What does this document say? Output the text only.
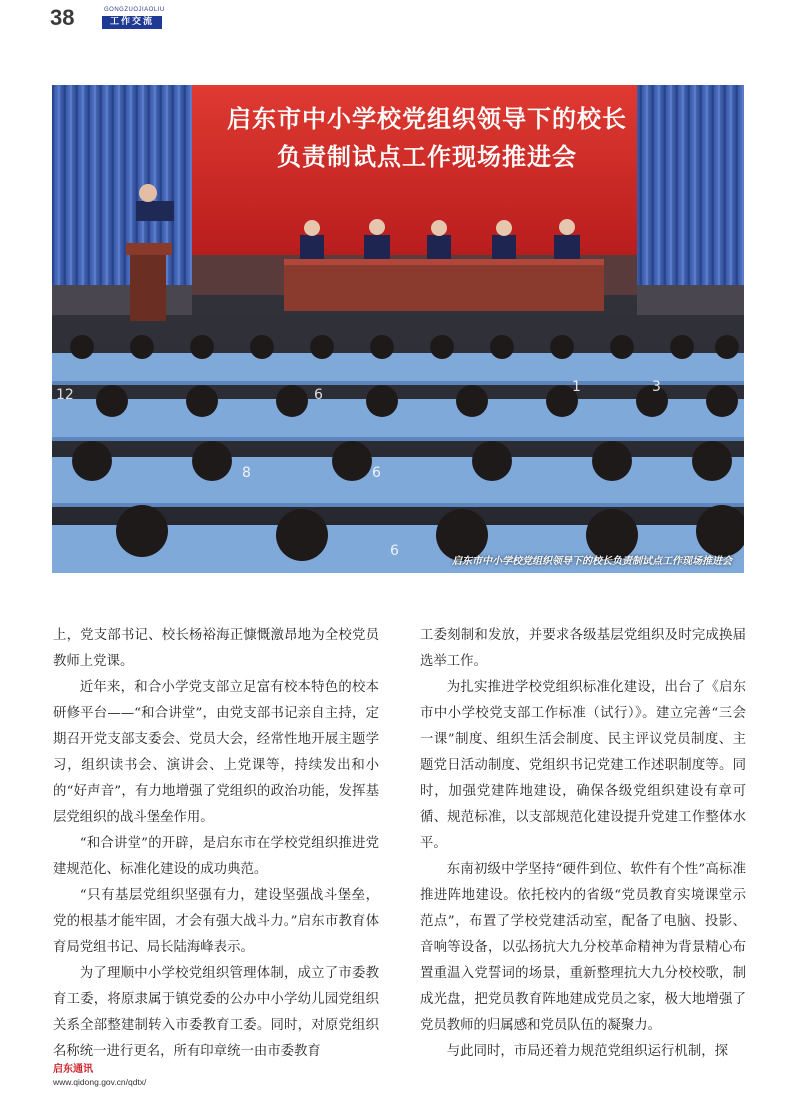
38	GONGZUOJIAOLIU
工作交流
12	6	1	3
8	6
6
启东市中小学校党组织领导下的校长
负责制试点工作现场推进会
启东市中小学校党组织领导下的校长负责制试点工作现场推进会

上，党支部书记、校长杨裕海正慷慨激昂地为全校党员教师上党课。

近年来，和合小学党支部立足富有校本特色的校本研修平台——“和合讲堂”，由党支部书记亲自主持，定期召开党支部支委会、党员大会，经常性地开展主题学习，组织读书会、演讲会、上党课等，持续发出和小的“好声音”，有力地增强了党组织的政治功能，发挥基层党组织的战斗堡垒作用。

“和合讲堂”的开辟，是启东市在学校党组织推进党建规范化、标准化建设的成功典范。

“只有基层党组织坚强有力，建设坚强战斗堡垒，党的根基才能牢固，才会有强大战斗力。”启东市教育体育局党组书记、局长陆海峰表示。

为了理顺中小学校党组织管理体制，成立了市委教育工委，将原隶属于镇党委的公办中小学幼儿园党组织关系全部整建制转入市委教育工委。同时，对原党组织名称统一进行更名，所有印章统一由市委教育

工委刻制和发放，并要求各级基层党组织及时完成换届选举工作。

为扎实推进学校党组织标准化建设，出台了《启东市中小学校党支部工作标准（试行）》。建立完善“三会一课”制度、组织生活会制度、民主评议党员制度、主题党日活动制度、党组织书记党建工作述职制度等。同时，加强党建阵地建设，确保各级党组织建设有章可循、规范标准，以支部规范化建设提升党建工作整体水平。

东南初级中学坚持“硬件到位、软件有个性”高标准推进阵地建设。依托校内的省级“党员教育实境课堂示范点”，布置了学校党建活动室，配备了电脑、投影、音响等设备，以弘扬抗大九分校革命精神为背景精心布置重温入党誓词的场景，重新整理抗大九分校校歌，制成光盘，把党员教育阵地建成党员之家，极大地增强了党员教师的归属感和党员队伍的凝聚力。

与此同时，市局还着力规范党组织运行机制，探

启东通讯
www.qidong.gov.cn/qdtx/
